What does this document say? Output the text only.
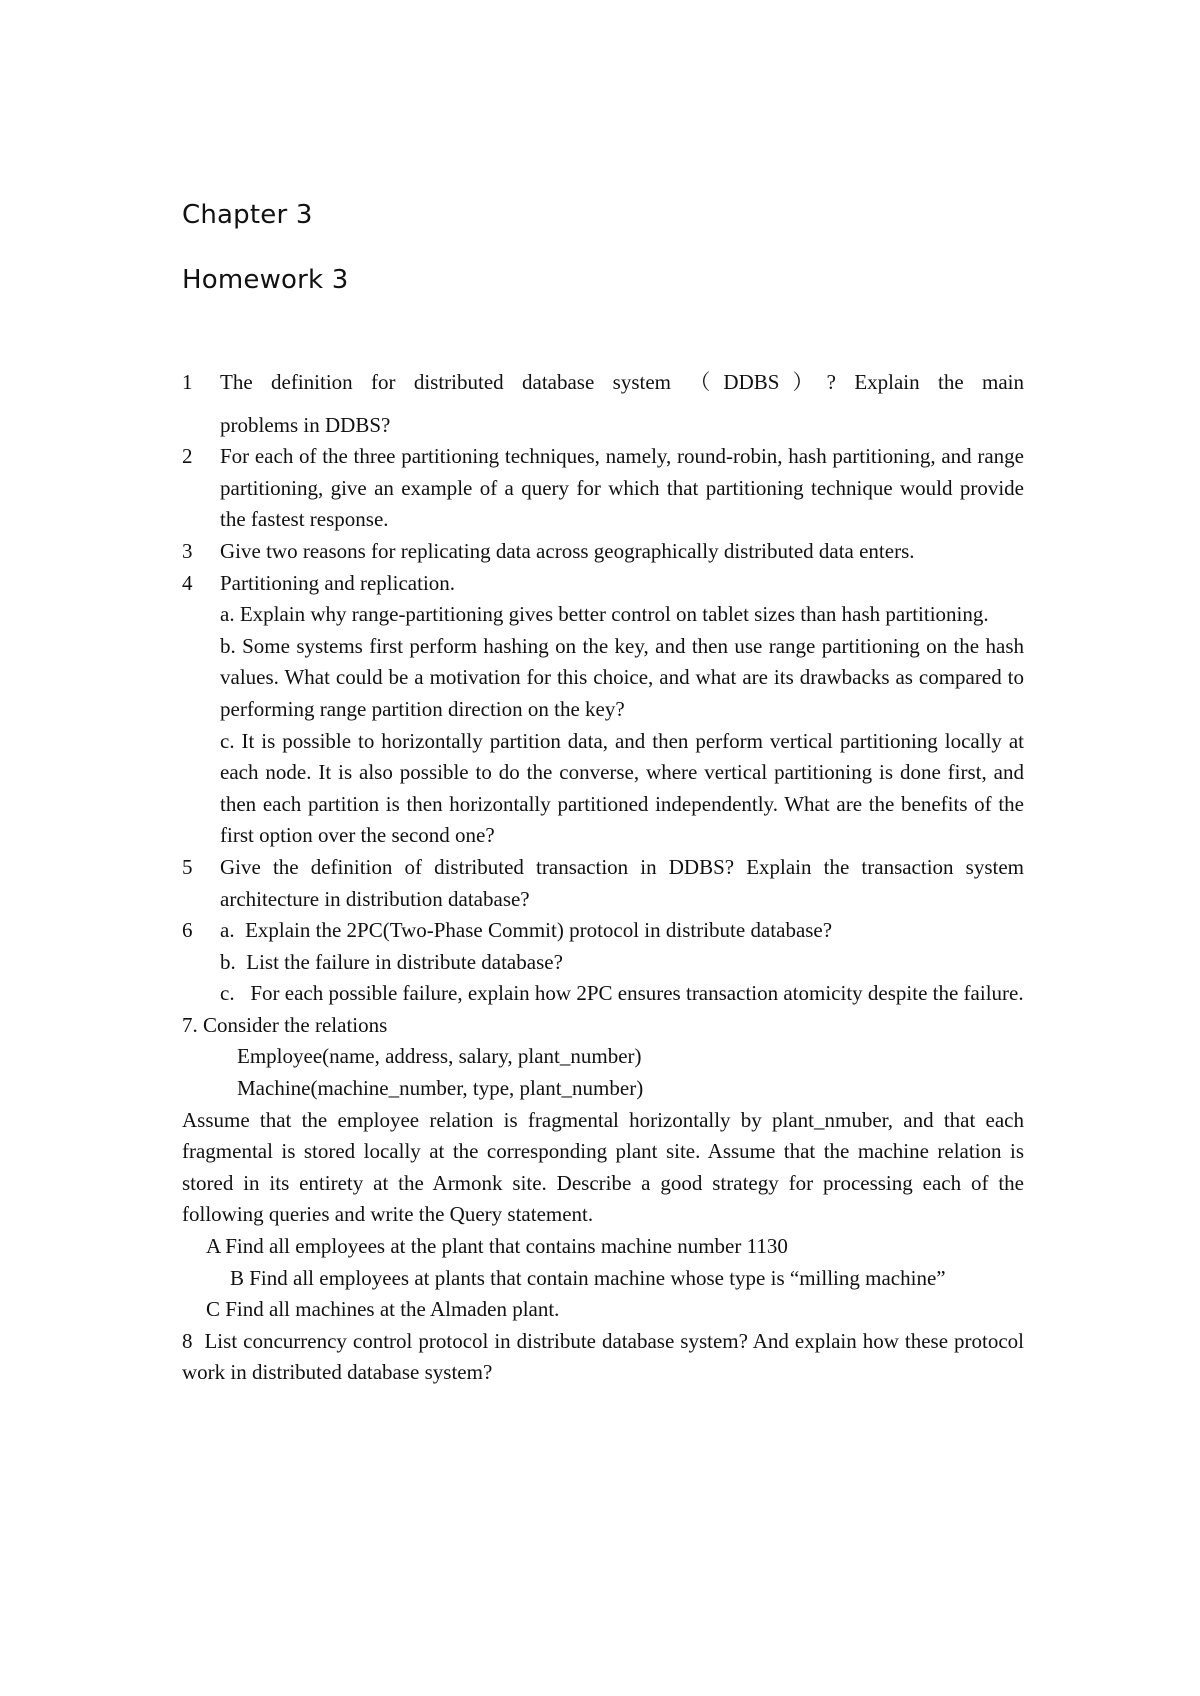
Chapter 3
Homework 3
1 The definition for distributed database system （DDBS）? Explain the main
problems in DDBS?
2 For each of the three partitioning techniques, namely, round-robin, hash partitioning, and range partitioning, give an example of a query for which that partitioning technique would provide the fastest response.
3 Give two reasons for replicating data across geographically distributed data enters.
4 Partitioning and replication.
a. Explain why range-partitioning gives better control on tablet sizes than hash partitioning.
b. Some systems first perform hashing on the key, and then use range partitioning on the hash values. What could be a motivation for this choice, and what are its drawbacks as compared to performing range partition direction on the key?
c. It is possible to horizontally partition data, and then perform vertical partitioning locally at each node. It is also possible to do the converse, where vertical partitioning is done first, and then each partition is then horizontally partitioned independently. What are the benefits of the first option over the second one?
5 Give the definition of distributed transaction in DDBS? Explain the transaction system architecture in distribution database?
6 a.  Explain the 2PC(Two-Phase Commit) protocol in distribute database?
b.  List the failure in distribute database?
c.   For each possible failure, explain how 2PC ensures transaction atomicity despite the failure.
7. Consider the relations
Employee(name, address, salary, plant_number)
Machine(machine_number, type, plant_number)
Assume that the employee relation is fragmental horizontally by plant_nmuber, and that each fragmental is stored locally at the corresponding plant site. Assume that the machine relation is stored in its entirety at the Armonk site. Describe a good strategy for processing each of the following queries and write the Query statement.
A Find all employees at the plant that contains machine number 1130
B Find all employees at plants that contain machine whose type is “milling machine”
C Find all machines at the Almaden plant.
8  List concurrency control protocol in distribute database system? And explain how these protocol work in distributed database system?
